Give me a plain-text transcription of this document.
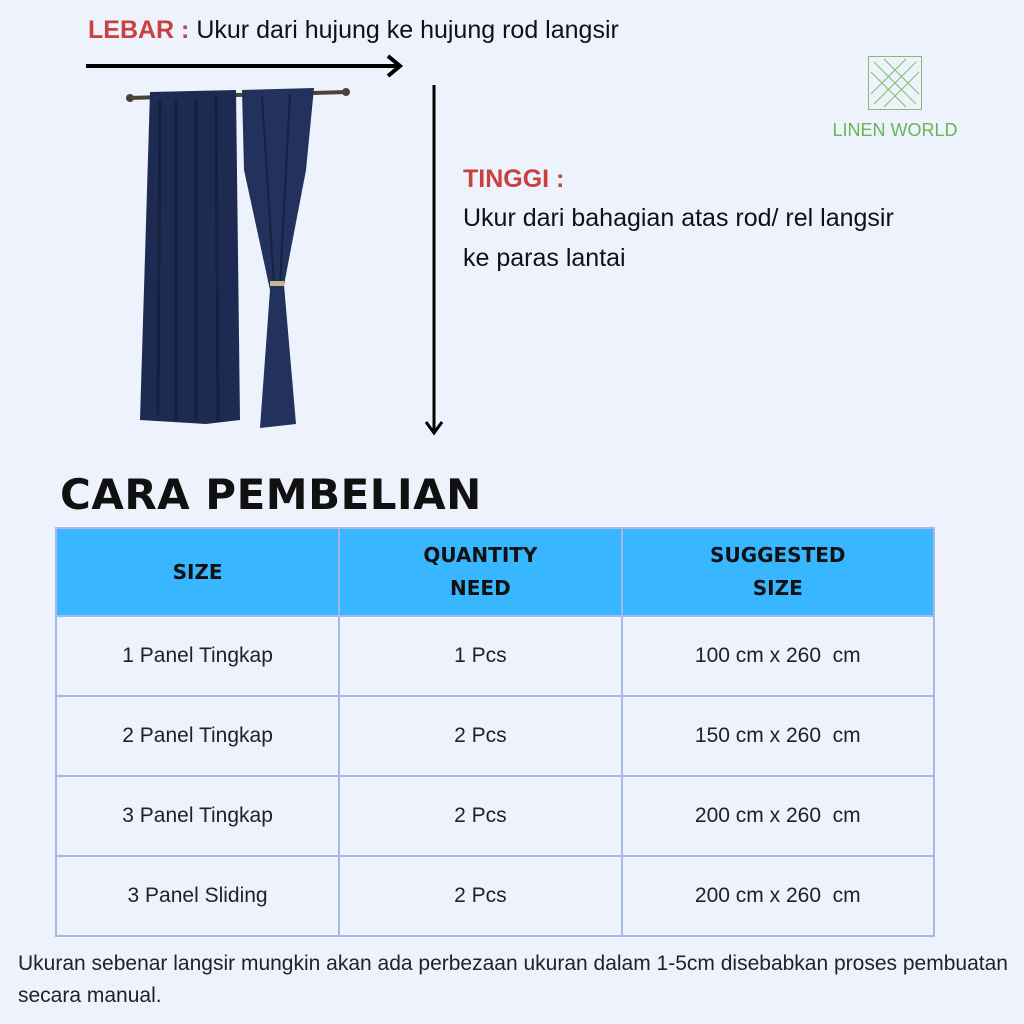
LEBAR : Ukur dari hujung ke hujung rod langsir
LINEN WORLD
TINGGI :
Ukur dari bahagian atas rod/ rel langsir ke paras lantai
CARA PEMBELIAN
SIZE	QUANTITY NEED	SUGGESTED SIZE
1 Panel Tingkap	1 Pcs	100 cm x 260  cm
2 Panel Tingkap	2 Pcs	150 cm x 260  cm
3 Panel Tingkap	2 Pcs	200 cm x 260  cm
3 Panel Sliding	2 Pcs	200 cm x 260  cm
Ukuran sebenar langsir mungkin akan ada perbezaan ukuran dalam 1-5cm disebabkan proses pembuatan secara manual.
